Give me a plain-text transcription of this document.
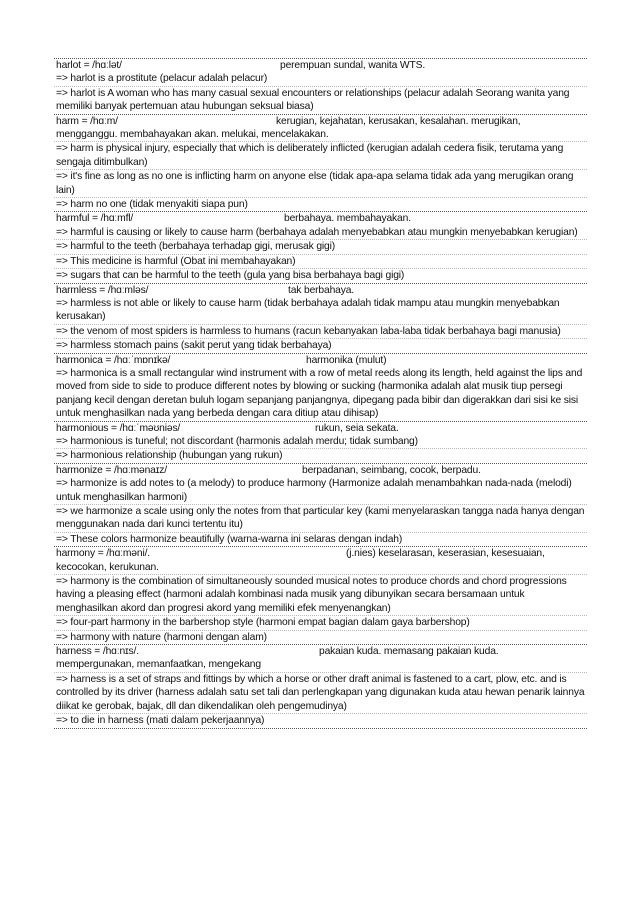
harlot = /hɑːlət/	perempuan sundal, wanita WTS.
=> harlot is a prostitute (pelacur adalah pelacur)
=> harlot is A woman who has many casual sexual encounters or relationships (pelacur adalah Seorang wanita yang memiliki banyak pertemuan atau hubungan seksual biasa)
harm = /hɑːm/	kerugian, kejahatan, kerusakan, kesalahan. merugikan,
mengganggu. membahayakan akan. melukai, mencelakakan.
=> harm is physical injury, especially that which is deliberately inflicted (kerugian adalah cedera fisik, terutama yang sengaja ditimbulkan)
=> it's fine as long as no one is inflicting harm on anyone else (tidak apa-apa selama tidak ada yang merugikan orang lain)
=> harm no one (tidak menyakiti siapa pun)
harmful = /hɑːmfl/	berbahaya. membahayakan.
=> harmful is causing or likely to cause harm (berbahaya adalah menyebabkan atau mungkin menyebabkan kerugian)
=> harmful to the teeth (berbahaya terhadap gigi, merusak gigi)
=> This medicine is harmful (Obat ini membahayakan)
=> sugars that can be harmful to the teeth (gula yang bisa berbahaya bagi gigi)
harmless = /hɑːmləs/	tak berbahaya.
=> harmless is not able or likely to cause harm (tidak berbahaya adalah tidak mampu atau mungkin menyebabkan kerusakan)
=> the venom of most spiders is harmless to humans (racun kebanyakan laba-laba tidak berbahaya bagi manusia)
=> harmless stomach pains (sakit perut yang tidak berbahaya)
harmonica = /hɑːˈmɒnɪkə/	harmonika (mulut)
=> harmonica is a small rectangular wind instrument with a row of metal reeds along its length, held against the lips and moved from side to side to produce different notes by blowing or sucking (harmonika adalah alat musik tiup persegi panjang kecil dengan deretan buluh logam sepanjang panjangnya, dipegang pada bibir dan digerakkan dari sisi ke sisi untuk menghasilkan nada yang berbeda dengan cara ditiup atau dihisap)
harmonious = /hɑːˈməʊniəs/	rukun, seia sekata.
=> harmonious is tuneful; not discordant (harmonis adalah merdu; tidak sumbang)
=> harmonious relationship (hubungan yang rukun)
harmonize = /hɑːmənaɪz/	berpadanan, seimbang, cocok, berpadu.
=> harmonize is add notes to (a melody) to produce harmony (Harmonize adalah menambahkan nada-nada (melodi) untuk menghasilkan harmoni)
=> we harmonize a scale using only the notes from that particular key (kami menyelaraskan tangga nada hanya dengan menggunakan nada dari kunci tertentu itu)
=> These colors harmonize beautifully (warna-warna ini selaras dengan indah)
harmony = /hɑːməni/.	(j.nies) keselarasan, keserasian, kesesuaian,
kecocokan, kerukunan.
=> harmony is the combination of simultaneously sounded musical notes to produce chords and chord progressions having a pleasing effect (harmoni adalah kombinasi nada musik yang dibunyikan secara bersamaan untuk menghasilkan akord dan progresi akord yang memiliki efek menyenangkan)
=> four-part harmony in the barbershop style (harmoni empat bagian dalam gaya barbershop)
=> harmony with nature (harmoni dengan alam)
harness = /hɑːnɪs/.	pakaian kuda. memasang pakaian kuda.
mempergunakan, memanfaatkan, mengekang
=> harness is a set of straps and fittings by which a horse or other draft animal is fastened to a cart, plow, etc. and is controlled by its driver (harness adalah satu set tali dan perlengkapan yang digunakan kuda atau hewan penarik lainnya diikat ke gerobak, bajak, dll dan dikendalikan oleh pengemudinya)
=> to die in harness (mati dalam pekerjaannya)
